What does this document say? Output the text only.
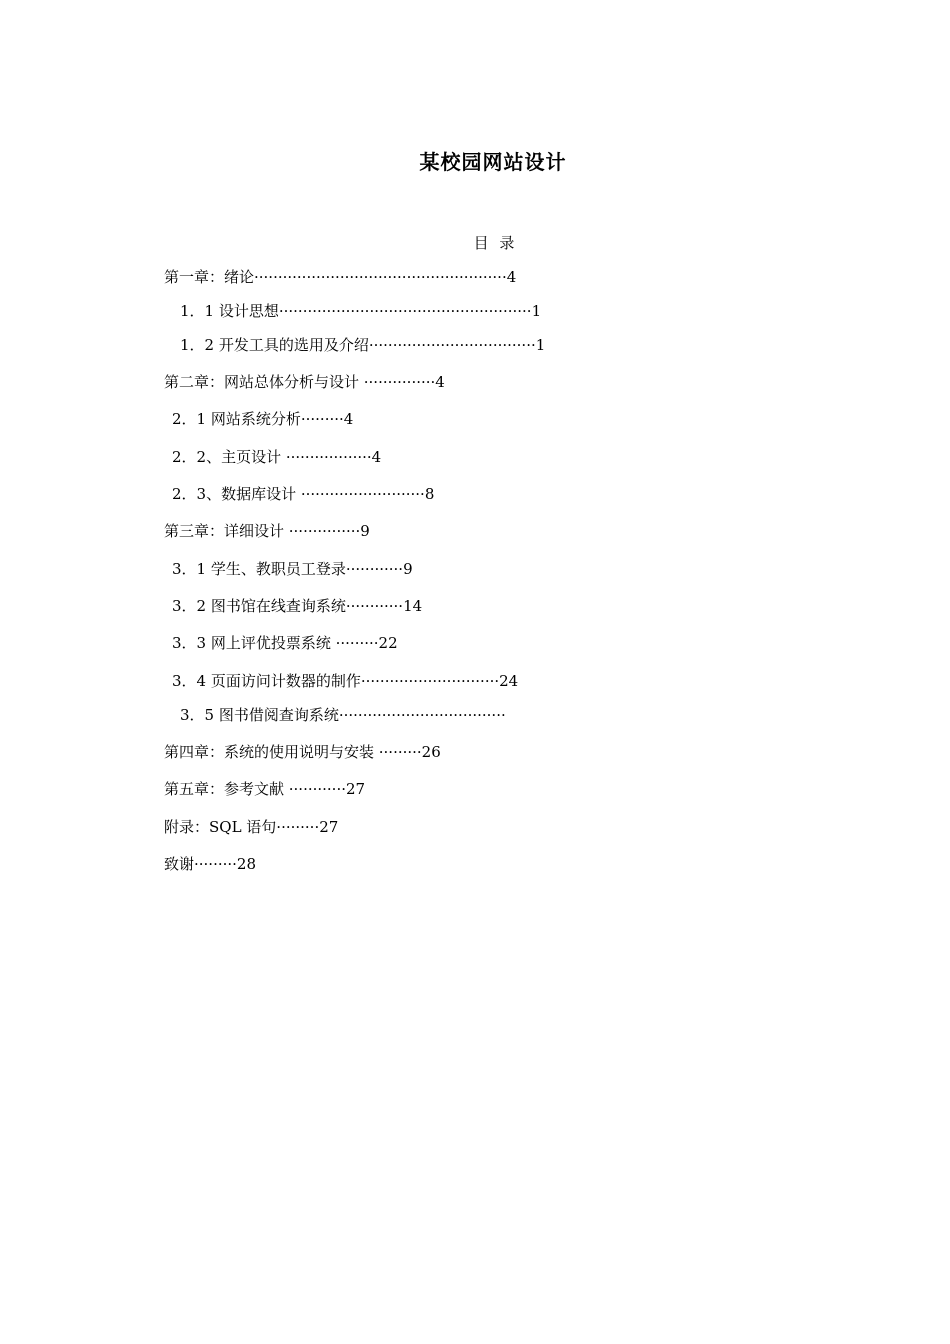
某校园网站设计
目 录
第一章：绪论·····················································4
1．1 设计思想·····················································1
1．2 开发工具的选用及介绍···································1
第二章：网站总体分析与设计 ···············4
2．1 网站系统分析·········4
2．2、主页设计 ··················4
2．3、数据库设计 ··························8
第三章：详细设计 ···············9
3．1 学生、教职员工登录············9
3．2 图书馆在线查询系统············14
3．3 网上评优投票系统 ·········22
3．4 页面访问计数器的制作·····························24
3．5 图书借阅查询系统···································
第四章：系统的使用说明与安装 ·········26
第五章：参考文献 ············27
附录：SQL 语句·········27
致谢·········28
